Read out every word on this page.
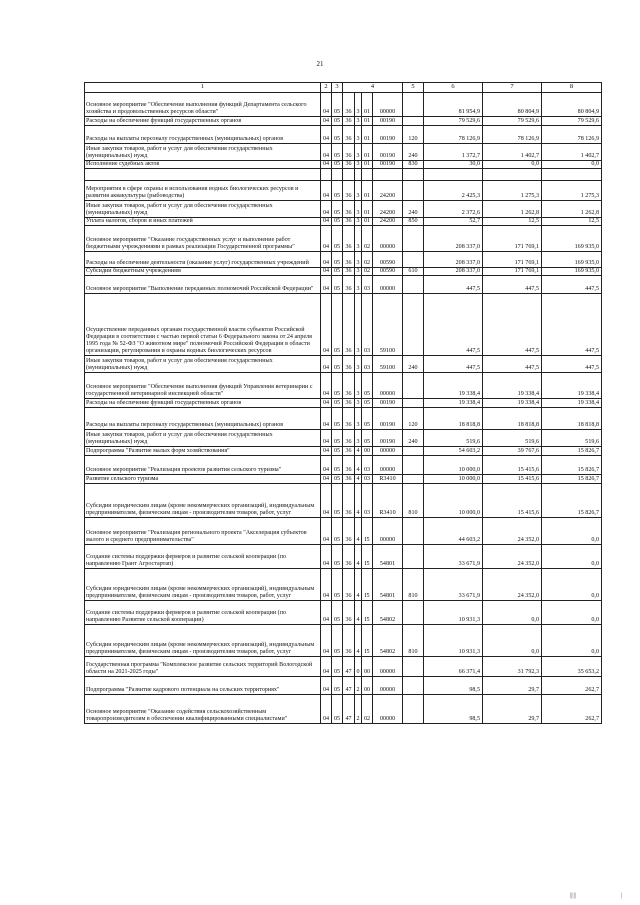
21
1	2	3	4				5	6	7	8
Основное мероприятие "Обеспечение выполнения функций Департамента сельского хозяйства и продовольственных ресурсов области"	04	05	36	3	01	00000		81 954,9	80 804,9	80 804,9
Расходы на обеспечение функций государственных органов	04	05	36	3	01	00190		79 529,6	79 529,6	79 529,6
Расходы на выплаты персоналу государственных (муниципальных) органов	04	05	36	3	01	00190	120	78 126,9	78 126,9	78 126,9
Иные закупки товаров, работ и услуг для обеспечения государственных (муниципальных) нужд	04	05	36	3	01	00190	240	1 372,7	1 402,7	1 402,7
Исполнение судебных актов	04	05	36	3	01	00190	830	30,0	0,0	0,0

Мероприятия в сфере охраны и использования водных биологических ресурсов и развития аквакультуры (рыбоводства)	04	05	36	3	01	24200		2 425,3	1 275,3	1 275,3
Иные закупки товаров, работ и услуг для обеспечения государственных (муниципальных) нужд	04	05	36	3	01	24200	240	2 372,6	1 262,8	1 262,8
Уплата налогов, сборов и иных платежей	04	05	36	3	01	24200	850	52,7	12,5	12,5
Основное мероприятие "Оказание государственных услуг и выполнение работ бюджетными учреждениями в рамках реализации Государственной программы"	04	05	36	3	02	00000		208 337,0	171 769,1	169 935,0
Расходы на обеспечение деятельности (оказание услуг) государственных учреждений	04	05	36	3	02	00590		208 337,0	171 769,1	169 935,0
Субсидии бюджетным учреждениям	04	05	36	3	02	00590	610	208 337,0	171 769,1	169 935,0
Основное мероприятие "Выполнение переданных полномочий Российской Федерации"	04	05	36	3	03	00000		447,5	447,5	447,5
Осуществление переданных органам государственной власти субъектов Российской Федерации в соответствии с частью первой статьи 6 Федерального закона от 24 апреля 1995 года № 52-ФЗ "О животном мире" полномочий Российской Федерации в области организации, регулирования и охраны водных биологических ресурсов	04	05	36	3	03	59100		447,5	447,5	447,5
Иные закупки товаров, работ и услуг для обеспечения государственных (муниципальных) нужд	04	05	36	3	03	59100	240	447,5	447,5	447,5
Основное мероприятие "Обеспечение выполнения функций Управления ветеринарии с государственной ветеринарной инспекцией области"	04	05	36	3	05	00000		19 338,4	19 338,4	19 338,4
Расходы на обеспечение функций государственных органов	04	05	36	3	05	00190		19 338,4	19 338,4	19 338,4
Расходы на выплаты персоналу государственных (муниципальных) органов	04	05	36	3	05	00190	120	18 818,8	18 818,8	18 818,8
Иные закупки товаров, работ и услуг для обеспечения государственных (муниципальных) нужд	04	05	36	3	05	00190	240	519,6	519,6	519,6
Подпрограмма "Развитие малых форм хозяйствования"	04	05	36	4	00	00000		54 603,2	39 767,6	15 826,7
Основное мероприятие "Реализация проектов развития сельского туризма"	04	05	36	4	03	00000		10 000,0	15 415,6	15 826,7
Развитие сельского туризма	04	05	36	4	03	R3410		10 000,0	15 415,6	15 826,7
Субсидии юридическим лицам (кроме некоммерческих организаций), индивидуальным предпринимателям, физическим лицам - производителям товаров, работ, услуг	04	05	36	4	03	R3410	810	10 000,0	15 415,6	15 826,7
Основное мероприятие "Реализация регионального проекта "Акселерация субъектов малого и среднего предпринимательства"	04	05	36	4	I5	00000		44 603,2	24 352,0	0,0
Создание системы поддержки фермеров и развитие сельской кооперации (по направлению Грант Агростартап)	04	05	36	4	I5	54801		33 671,9	24 352,0	0,0
Субсидии юридическим лицам (кроме некоммерческих организаций), индивидуальным предпринимателям, физическим лицам - производителям товаров, работ, услуг	04	05	36	4	I5	54801	810	33 671,9	24 352,0	0,0
Создание системы поддержки фермеров и развитие сельской кооперации (по направлению Развитие сельской кооперации)	04	05	36	4	I5	54802		10 931,3	0,0	0,0
Субсидии юридическим лицам (кроме некоммерческих организаций), индивидуальным предпринимателям, физическим лицам - производителям товаров, работ, услуг	04	05	36	4	I5	54802	810	10 931,3	0,0	0,0
Государственная программа "Комплексное развитие сельских территорий Вологодской области на 2021-2025 годы"	04	05	47	0	00	00000		66 371,4	31 792,3	35 653,2
Подпрограмма "Развитие кадрового потенциала на сельских территориях"	04	05	47	2	00	00000		98,5	29,7	262,7
Основное мероприятие "Оказание содействия сельскохозяйственным товаропроизводителям в обеспечении квалифицированными специалистами"	04	05	47	2	02	00000		98,5	29,7	262,7
|||||	|
